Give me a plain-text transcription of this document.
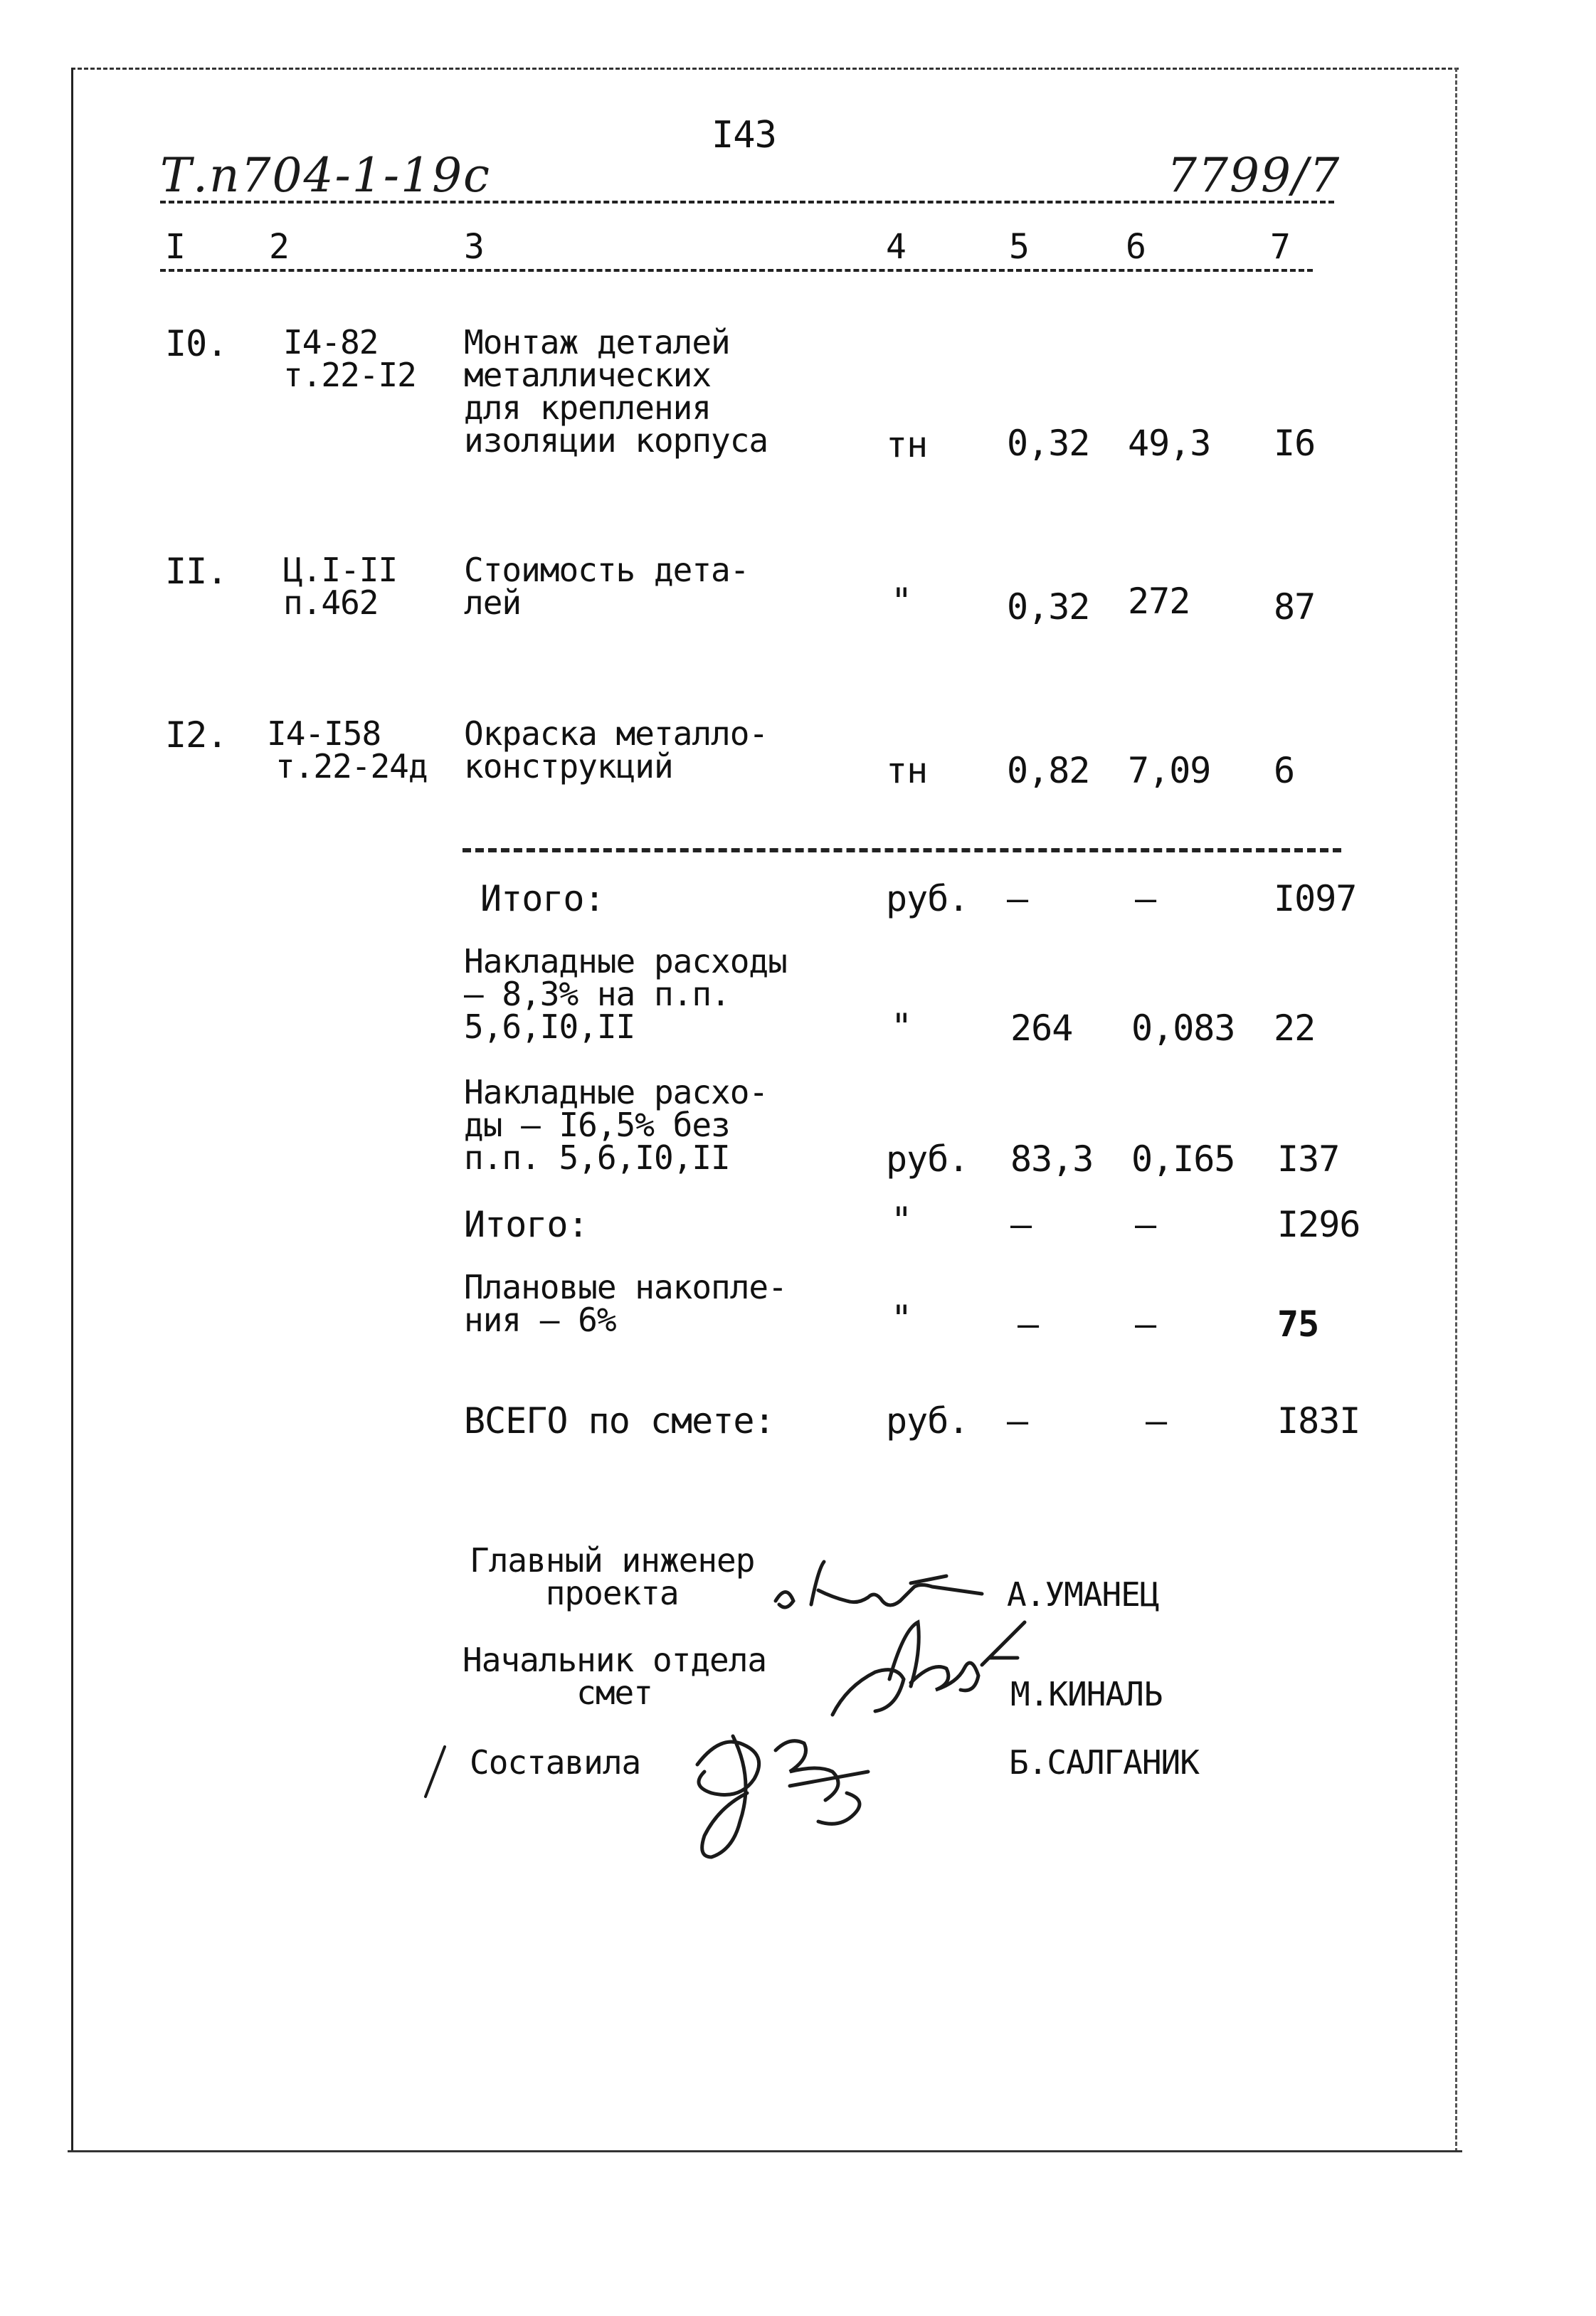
I43
Т.п704-1-19с	7799/7
I 2	3	4	5	6	7
I0. I4-82
т.22-I2
Монтаж деталей
металлических
для крепления
изоляции корпуса	тн 0,32 49,3 I6
II. Ц.I-II
п.462
Стоимость дета-
лей	"	0,32 272 87
I2. I4-I58
т.22-24д
Окраска металло-
конструкций	тн 0,82 7,09 6
Итого:	руб. –	–	I097
Накладные расходы
– 8,3% на п.п.
5,6,I0,II	"	264 0,083 22
Накладные расхо-
ды – I6,5% без
п.п. 5,6,I0,II	руб. 83,3 0,I65 I37
Итого:	"	–	–	I296
Плановые накопле-
ния – 6%	"	–	–	75
ВСЕГО по смете:	руб. –	–	I83I
Главный инженер
проекта	А.УМАНЕЦ
Начальник отдела
смет	М.КИНАЛЬ
Составила	Б.САЛГАНИК
